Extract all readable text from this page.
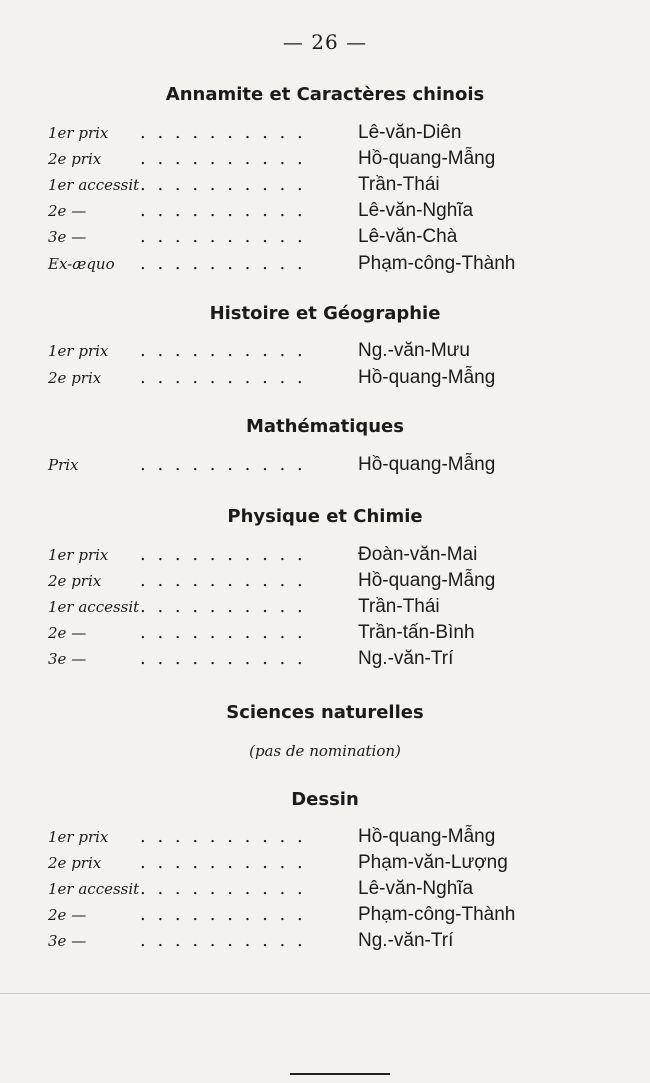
— 26 —
Annamite et Caractères chinois
1er prix . . . . . . . . . .	Lê-văn-Diên
2e prix . . . . . . . . . .	Hồ-quang-Mẫng
1er accessit . . . . . . . . . .	Trần-Thái
2e —	. . . . . . . . . .	Lê-văn-Nghĩa
3e —	. . . . . . . . . .	Lê-văn-Chà
Ex-æquo . . . . . . . . . .	Phạm-công-Thành
Histoire et Géographie
1er prix . . . . . . . . . .	Ng.-văn-Mưu
2e prix . . . . . . . . . .	Hồ-quang-Mẫng
Mathématiques
Prix	. . . . . . . . . .	Hồ-quang-Mẫng
Physique et Chimie
1er prix . . . . . . . . . .	Đoàn-văn-Mai
2e prix . . . . . . . . . .	Hồ-quang-Mẫng
1er accessit . . . . . . . . . .	Trần-Thái
2e —	. . . . . . . . . .	Trần-tấn-Bình
3e —	. . . . . . . . . .	Ng.-văn-Trí
Sciences naturelles
(pas de nomination)
Dessin
1er prix . . . . . . . . . .	Hồ-quang-Mẫng
2e prix . . . . . . . . . .	Phạm-văn-Lượng
1er accessit . . . . . . . . . .	Lê-văn-Nghĩa
2e —	. . . . . . . . . .	Phạm-công-Thành
3e —	. . . . . . . . . .	Ng.-văn-Trí
